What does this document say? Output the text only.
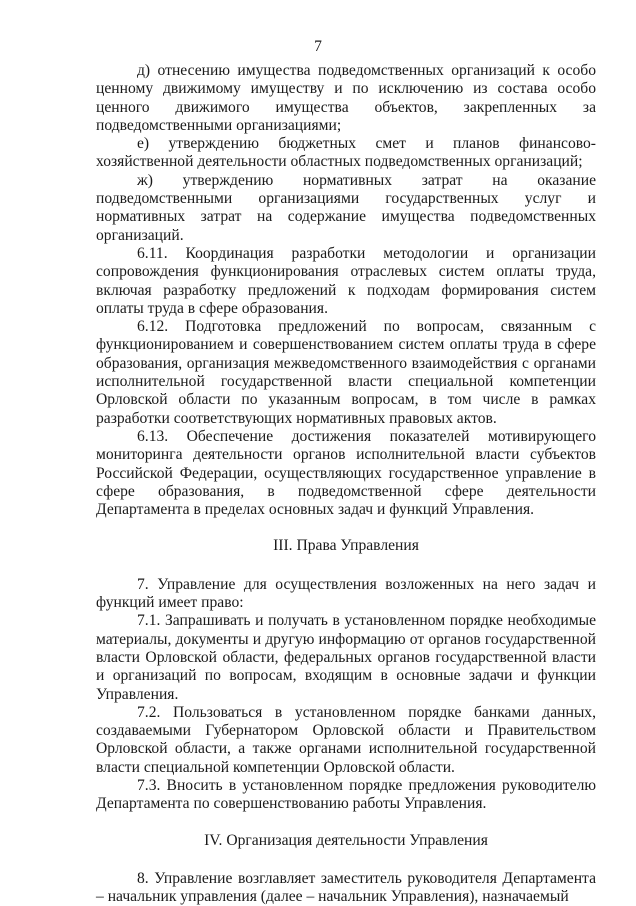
7

д) отнесению имущества подведомственных организаций к особо ценному движимому имуществу и по исключению из состава особо ценного движимого имущества объектов, закрепленных за подведомственными организациями;

е) утверждению бюджетных смет и планов финансово-хозяйственной деятельности областных подведомственных организаций;

ж) утверждению нормативных затрат на оказание подведомственными организациями государственных услуг и нормативных затрат на содержание имущества подведомственных организаций.

6.11. Координация разработки методологии и организации сопровождения функционирования отраслевых систем оплаты труда, включая разработку предложений к подходам формирования систем оплаты труда в сфере образования.

6.12. Подготовка предложений по вопросам, связанным с функционированием и совершенствованием систем оплаты труда в сфере образования, организация межведомственного взаимодействия с органами исполнительной государственной власти специальной компетенции Орловской области по указанным вопросам, в том числе в рамках разработки соответствующих нормативных правовых актов.

6.13. Обеспечение достижения показателей мотивирующего мониторинга деятельности органов исполнительной власти субъектов Российской Федерации, осуществляющих государственное управление в сфере образования, в подведомственной сфере деятельности Департамента в пределах основных задач и функций Управления.

III. Права Управления

7. Управление для осуществления возложенных на него задач и функций имеет право:

7.1. Запрашивать и получать в установленном порядке необходимые материалы, документы и другую информацию от органов государственной власти Орловской области, федеральных органов государственной власти и организаций по вопросам, входящим в основные задачи и функции Управления.

7.2. Пользоваться в установленном порядке банками данных, создаваемыми Губернатором Орловской области и Правительством Орловской области, а также органами исполнительной государственной власти специальной компетенции Орловской области.

7.3. Вносить в установленном порядке предложения руководителю Департамента по совершенствованию работы Управления.

IV. Организация деятельности Управления

8. Управление возглавляет заместитель руководителя Департамента – начальник управления (далее – начальник Управления), назначаемый
